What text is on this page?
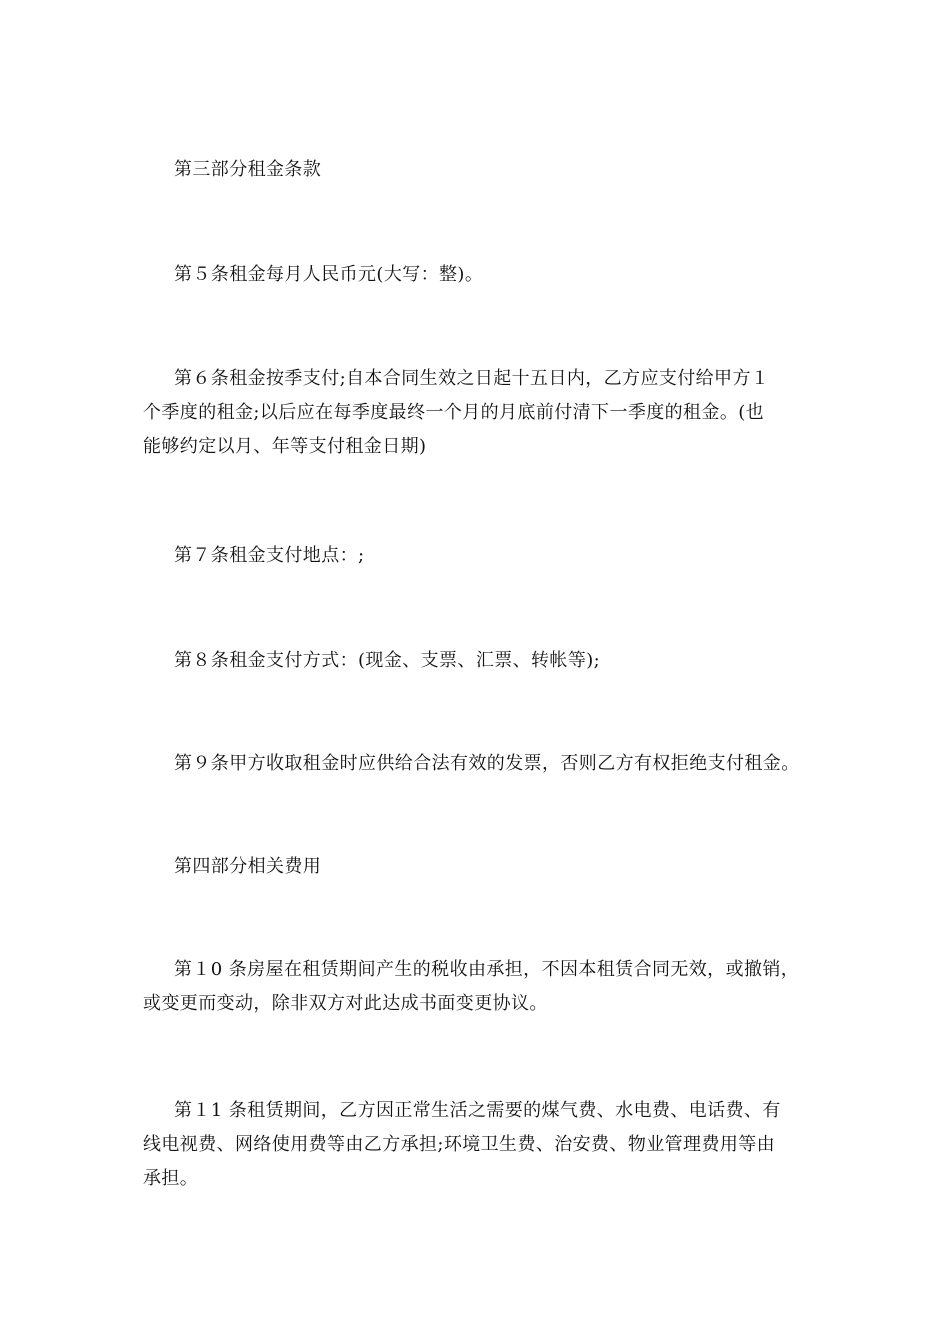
第三部分租金条款
第５条租金每月人民币元(大写：整)。
第６条租金按季支付;自本合同生效之日起十五日内，乙方应支付给甲方１
个季度的租金;以后应在每季度最终一个月的月底前付清下一季度的租金。(也
能够约定以月、年等支付租金日期)
第７条租金支付地点：;
第８条租金支付方式：(现金、支票、汇票、转帐等);
第９条甲方收取租金时应供给合法有效的发票，否则乙方有权拒绝支付租金。
第四部分相关费用
第１0 条房屋在租赁期间产生的税收由承担，不因本租赁合同无效，或撤销，
或变更而变动，除非双方对此达成书面变更协议。
第１1 条租赁期间，乙方因正常生活之需要的煤气费、水电费、电话费、有
线电视费、网络使用费等由乙方承担;环境卫生费、治安费、物业管理费用等由
承担。
